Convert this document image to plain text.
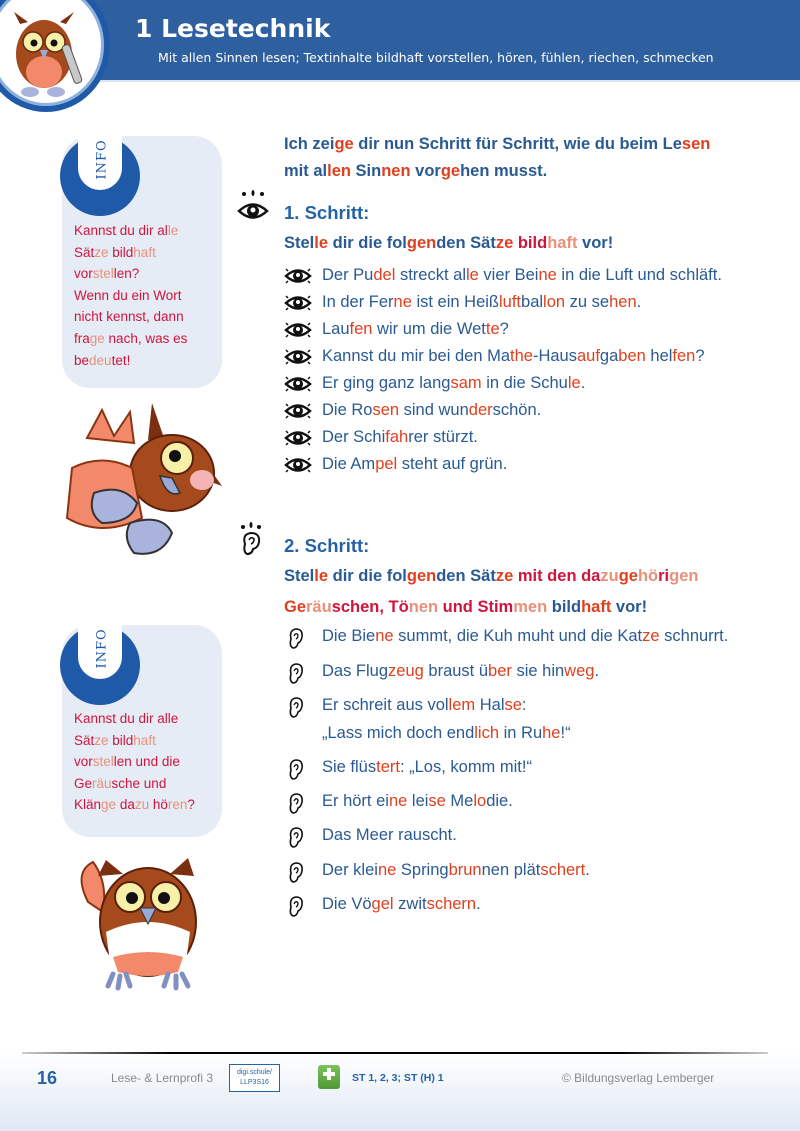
1 Lesetechnik
Mit allen Sinnen lesen; Textinhalte bildhaft vorstellen, hören, fühlen, riechen, schmecken
INFO
Kannst du dir alle
Sätze bildhaft
vorstellen?
Wenn du ein Wort
nicht kennst, dann
frage nach, was es
bedeutet!
INFO
Kannst du dir alle
Sätze bildhaft
vorstellen und die
Geräusche und
Klänge dazu hören?
Ich zeige dir nun Schritt für Schritt, wie du beim Lesen
mit allen Sinnen vorgehen musst.
1. Schritt:
Stelle dir die folgenden Sätze bildhaft vor!
Der Pudel streckt alle vier Beine in die Luft und schläft.
In der Ferne ist ein Heißluftballon zu sehen.
Laufen wir um die Wette?
Kannst du mir bei den Mathe-Hausaufgaben helfen?
Er ging ganz langsam in die Schule.
Die Rosen sind wunderschön.
Der Schifahrer stürzt.
Die Ampel steht auf grün.
2. Schritt:
Stelle dir die folgenden Sätze mit den dazugehörigen
Geräuschen, Tönen und Stimmen bildhaft vor!
Die Biene summt, die Kuh muht und die Katze schnurrt.
Das Flugzeug braust über sie hinweg.
Er schreit aus vollem Halse:
„Lass mich doch endlich in Ruhe!“
Sie flüstert: „Los, komm mit!“
Er hört eine leise Melodie.
Das Meer rauscht.
Der kleine Springbrunnen plätschert.
Die Vögel zwitschern.
16	Lese- & Lernprofi 3	digi.schule/
LLP3S16	ST 1, 2, 3; ST (H) 1	© Bildungsverlag Lemberger
